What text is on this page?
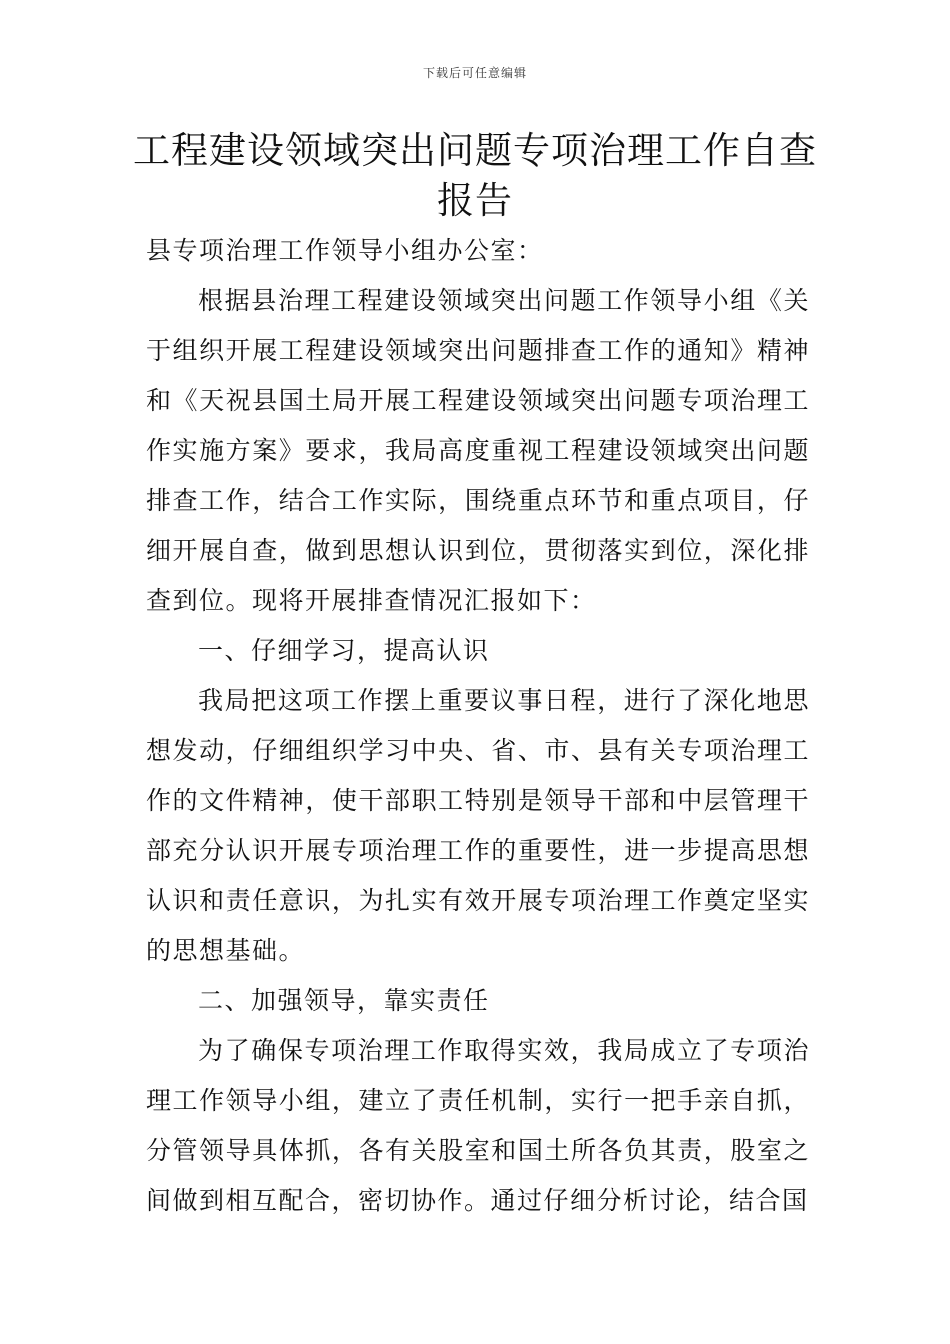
下载后可任意编辑
工程建设领域突出问题专项治理工作自查报告

县专项治理工作领导小组办公室：

根据县治理工程建设领域突出问题工作领导小组《关于组织开展工程建设领域突出问题排查工作的通知》精神和《天祝县国土局开展工程建设领域突出问题专项治理工作实施方案》要求，我局高度重视工程建设领域突出问题排查工作，结合工作实际，围绕重点环节和重点项目，仔细开展自查，做到思想认识到位，贯彻落实到位，深化排查到位。现将开展排查情况汇报如下：

一、仔细学习，提高认识

我局把这项工作摆上重要议事日程，进行了深化地思想发动，仔细组织学习中央、省、市、县有关专项治理工作的文件精神，使干部职工特别是领导干部和中层管理干部充分认识开展专项治理工作的重要性，进一步提高思想认识和责任意识，为扎实有效开展专项治理工作奠定坚实的思想基础。

二、加强领导，靠实责任

为了确保专项治理工作取得实效，我局成立了专项治理工作领导小组，建立了责任机制，实行一把手亲自抓，分管领导具体抓，各有关股室和国土所各负其责，股室之间做到相互配合，密切协作。通过仔细分析讨论，结合国
